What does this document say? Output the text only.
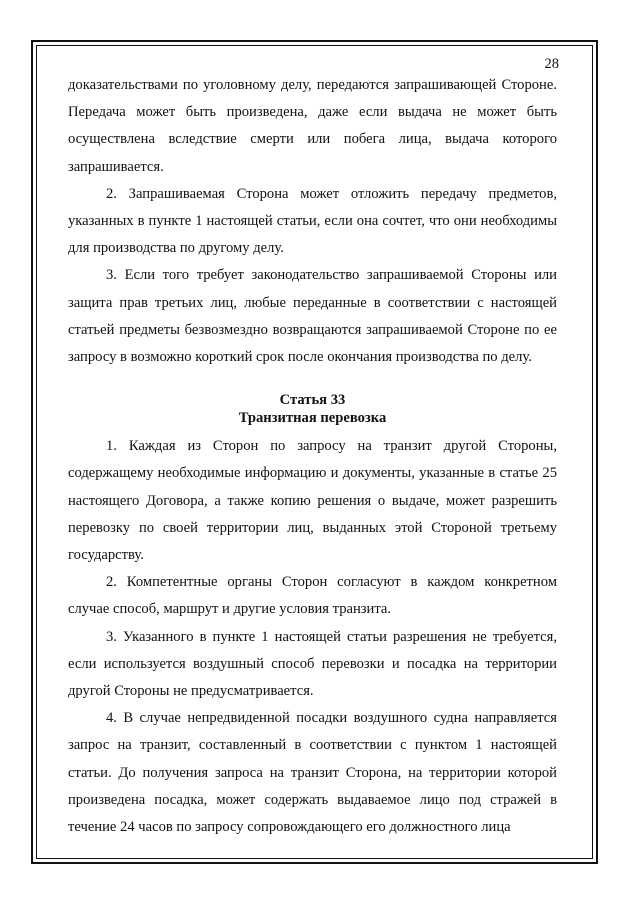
28

доказательствами по уголовному делу, передаются запрашивающей Стороне. Передача может быть произведена, даже если выдача не может быть осуществлена вследствие смерти или побега лица, выдача которого запрашивается.

2. Запрашиваемая Сторона может отложить передачу предметов, указанных в пункте 1 настоящей статьи, если она сочтет, что они необходимы для производства по другому делу.

3. Если того требует законодательство запрашиваемой Стороны или защита прав третьих лиц, любые переданные в соответствии с настоящей статьей предметы безвозмездно возвращаются запрашиваемой Стороне по ее запросу в возможно короткий срок после окончания производства по делу.

Статья 33

Транзитная перевозка

1. Каждая из Сторон по запросу на транзит другой Стороны, содержащему необходимые информацию и документы, указанные в статье 25 настоящего Договора, а также копию решения о выдаче, может разрешить перевозку по своей территории лиц, выданных этой Стороной третьему государству.

2. Компетентные органы Сторон согласуют в каждом конкретном случае способ, маршрут и другие условия транзита.

3. Указанного в пункте 1 настоящей статьи разрешения не требуется, если используется воздушный способ перевозки и посадка на территории другой Стороны не предусматривается.

4. В случае непредвиденной посадки воздушного судна направляется запрос на транзит, составленный в соответствии с пунктом 1 настоящей статьи. До получения запроса на транзит Сторона, на территории которой произведена посадка, может содержать выдаваемое лицо под стражей в течение 24 часов по запросу сопровождающего его должностного лица
